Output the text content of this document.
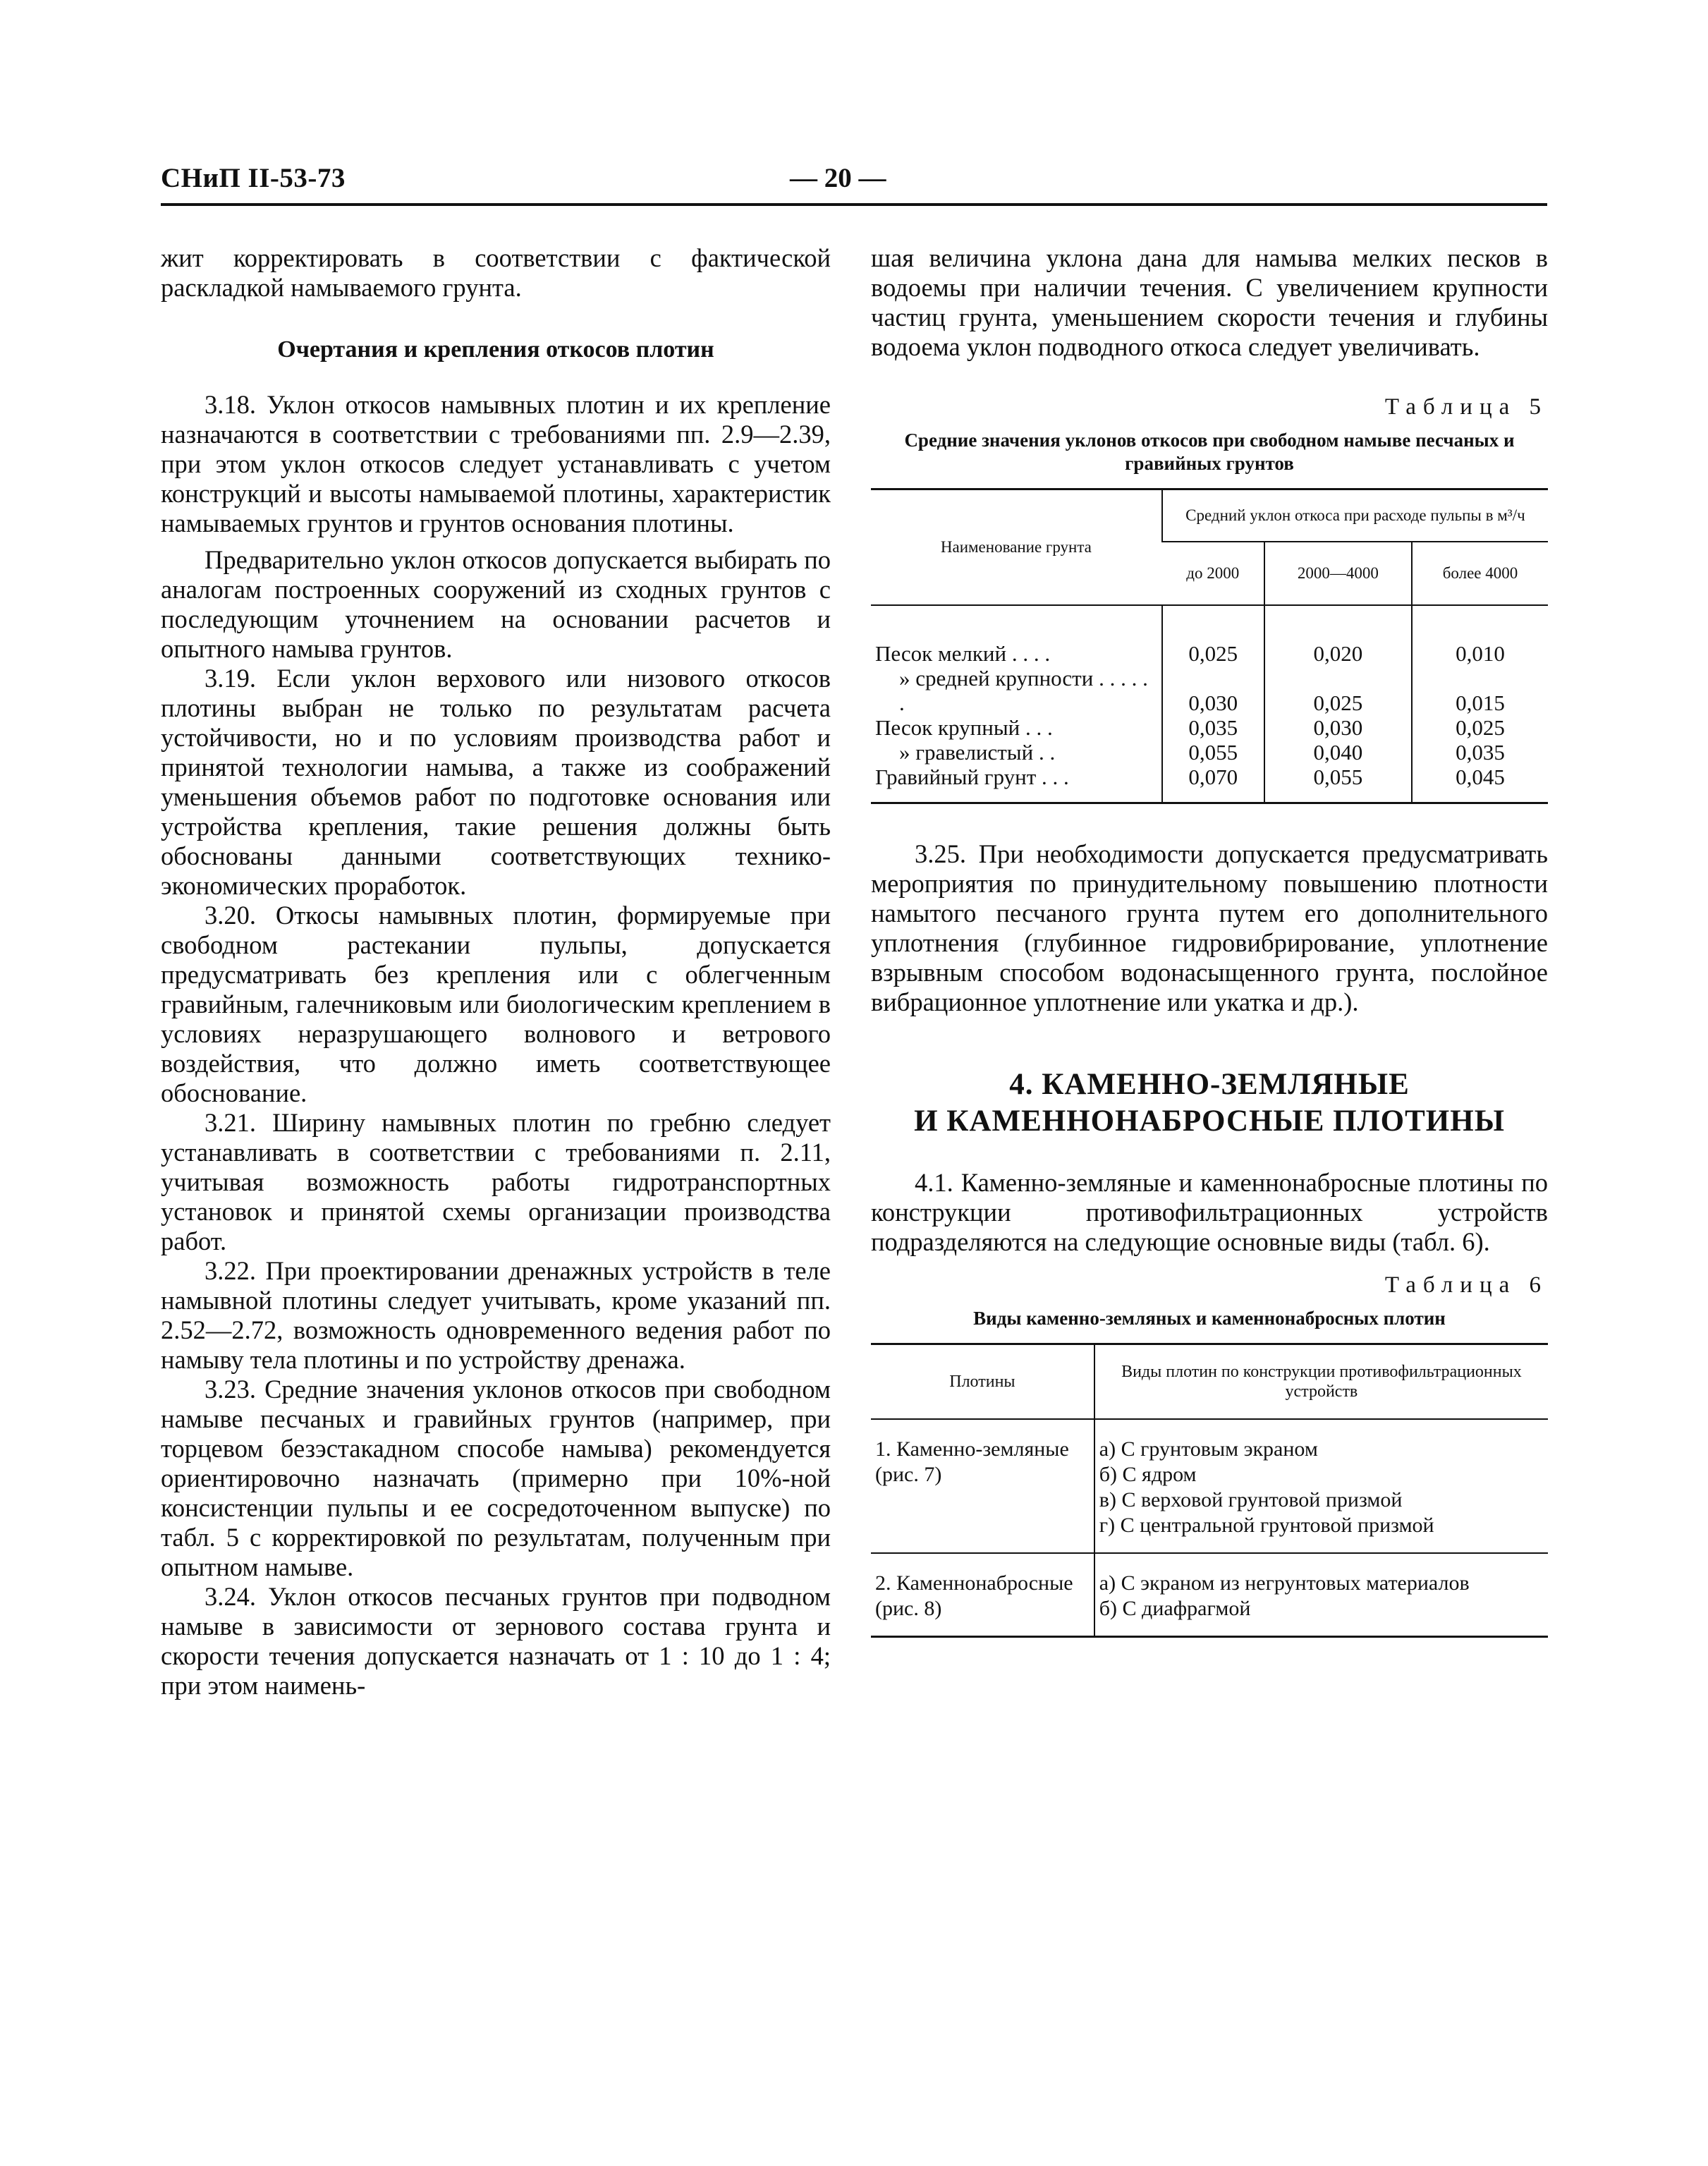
СНиП II-53-73	— 20 —

жит корректировать в соответствии с фактической раскладкой намываемого грунта.

Очертания и крепления откосов плотин

3.18. Уклон откосов намывных плотин и их крепление назначаются в соответствии с требованиями пп. 2.9—2.39, при этом уклон откосов следует устанавливать с учетом конструкций и высоты намываемой плотины, характеристик намываемых грунтов и грунтов основания плотины.

Предварительно уклон откосов допускается выбирать по аналогам построенных сооружений из сходных грунтов с последующим уточнением на основании расчетов и опытного намыва грунтов.

3.19. Если уклон верхового или низового откосов плотины выбран не только по результатам расчета устойчивости, но и по условиям производства работ и принятой технологии намыва, а также из соображений уменьшения объемов работ по подготовке основания или устройства крепления, такие решения должны быть обоснованы данными соответствующих технико-экономических проработок.

3.20. Откосы намывных плотин, формируемые при свободном растекании пульпы, допускается предусматривать без крепления или с облегченным гравийным, галечниковым или биологическим креплением в условиях неразрушающего волнового и ветрового воздействия, что должно иметь соответствующее обоснование.

3.21. Ширину намывных плотин по гребню следует устанавливать в соответствии с требованиями п. 2.11, учитывая возможность работы гидротранспортных установок и принятой схемы организации производства работ.

3.22. При проектировании дренажных устройств в теле намывной плотины следует учитывать, кроме указаний пп. 2.52—2.72, возможность одновременного ведения работ по намыву тела плотины и по устройству дренажа.

3.23. Средние значения уклонов откосов при свободном намыве песчаных и гравийных грунтов (например, при торцевом безэстакадном способе намыва) рекомендуется ориентировочно назначать (примерно при 10%-ной консистенции пульпы и ее сосредоточенном выпуске) по табл. 5 с корректировкой по результатам, полученным при опытном намыве.

3.24. Уклон откосов песчаных грунтов при подводном намыве в зависимости от зернового состава грунта и скорости течения допускается назначать от 1 : 10 до 1 : 4; при этом наимень-

шая величина уклона дана для намыва мелких песков в водоемы при наличии течения. С увеличением крупности частиц грунта, уменьшением скорости течения и глубины водоема уклон подводного откоса следует увеличивать.

Таблица 5

Средние значения уклонов откосов при свободном намыве песчаных и гравийных грунтов
Наименование грунта	Средний уклон откоса при расходе пульпы в м³/ч		
	до 2000	2000—4000	более 4000
Песок мелкий . . . .	0,025	0,020	0,010
» средней крупности . . . . . .	0,030	0,025	0,015
Песок крупный . . .	0,035	0,030	0,025
» гравелистый . .	0,055	0,040	0,035
Гравийный грунт . . .	0,070	0,055	0,045

3.25. При необходимости допускается предусматривать мероприятия по принудительному повышению плотности намытого песчаного грунта путем его дополнительного уплотнения (глубинное гидровибрирование, уплотнение взрывным способом водонасыщенного грунта, послойное вибрационное уплотнение или укатка и др.).

4. КАМЕННО-ЗЕМЛЯНЫЕ
И КАМЕННОНАБРОСНЫЕ ПЛОТИНЫ

4.1. Каменно-земляные и каменнонабросные плотины по конструкции противофильтрационных устройств подразделяются на следующие основные виды (табл. 6).

Таблица 6

Виды каменно-земляных и каменнонабросных плотин
Плотины	Виды плотин по конструкции противофильтрационных устройств
1. Каменно-земляные (рис. 7)	а) С грунтовым экраном
б) С ядром
в) С верховой грунтовой призмой
г) С центральной грунтовой призмой

2. Каменнонабросные (рис. 8)	а) С экраном из негрунтовых материалов
б) С диафрагмой
